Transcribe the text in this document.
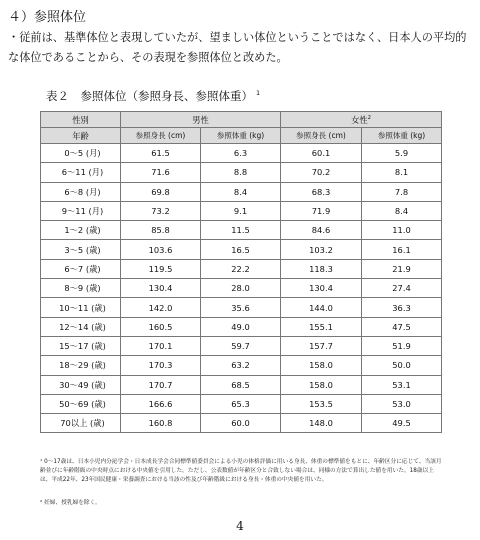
４）参照体位
・従前は、基準体位と表現していたが、望ましい体位ということではなく、日本人の平均的な体位であることから、その表現を参照体位と改めた。
表２　参照体位（参照身長、参照体重） $^1$
性別	男性		女性$^2$
年齢	参照身長 (cm)	参照体重 (kg)	参照身長 (cm)	参照体重 (kg)
0～5 (月)	61.5	6.3	60.1	5.9
6～11 (月)	71.6	8.8	70.2	8.1
6～8 (月)	69.8	8.4	68.3	7.8
9～11 (月)	73.2	9.1	71.9	8.4
1～2 (歳)	85.8	11.5	84.6	11.0
3～5 (歳)	103.6	16.5	103.2	16.1
6～7 (歳)	119.5	22.2	118.3	21.9
8～9 (歳)	130.4	28.0	130.4	27.4
10～11 (歳)	142.0	35.6	144.0	36.3
12～14 (歳)	160.5	49.0	155.1	47.5
15～17 (歳)	170.1	59.7	157.7	51.9
18～29 (歳)	170.3	63.2	158.0	50.0
30～49 (歳)	170.7	68.5	158.0	53.1
50～69 (歳)	166.6	65.3	153.5	53.0
70以上 (歳)	160.8	60.0	148.0	49.5
¹ 0～17歳は、日本小児内分泌学会・日本成長学会合同標準値委員会による小児の体格評価に用いる身長、体重の標準値をもとに、年齢区分に応じて、当該月齢並びに年齢階級の中央時点における中央値を引用した。ただし、公表数値が年齢区分と合致しない場合は、同様の方法で算出した値を用いた。18歳以上は、平成22年、23年国民健康・栄養調査における当該の性及び年齢階級における身長・体重の中央値を用いた。
² 妊婦、授乳婦を除く。
4
